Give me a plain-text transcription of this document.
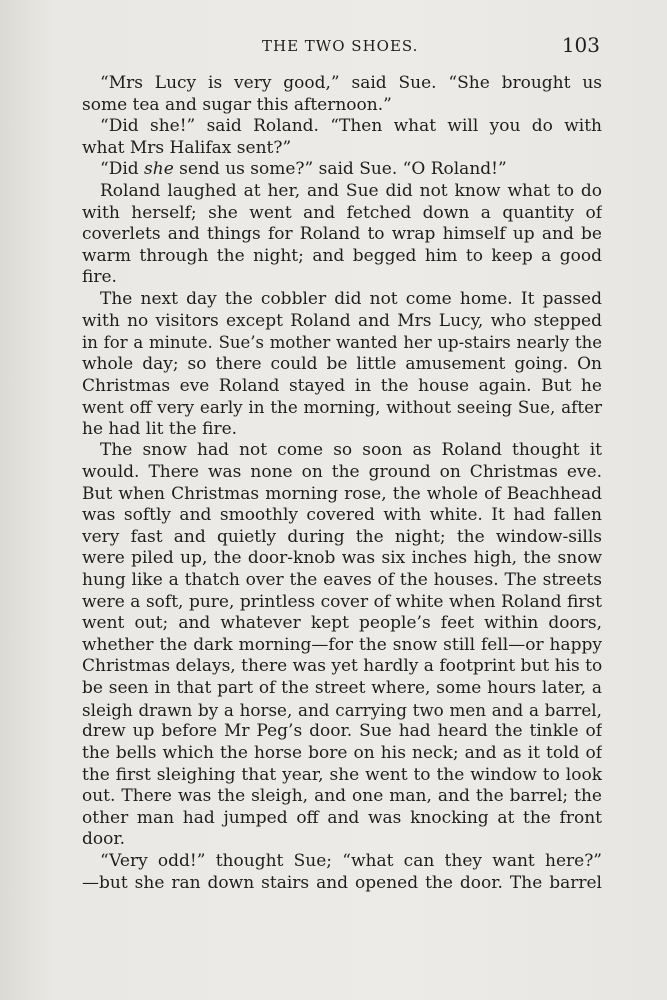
THE TWO SHOES.	103
“Mrs Lucy is very good,” said Sue. “She brought us
some tea and sugar this afternoon.”
“Did she!” said Roland. “Then what will you do with
what Mrs Halifax sent?”
“Did she send us some?” said Sue. “O Roland!”
Roland laughed at her, and Sue did not know what to do
with herself; she went and fetched down a quantity of
coverlets and things for Roland to wrap himself up and be
warm through the night; and begged him to keep a good
fire.
The next day the cobbler did not come home. It passed
with no visitors except Roland and Mrs Lucy, who stepped
in for a minute. Sue’s mother wanted her up-stairs nearly the
whole day; so there could be little amusement going. On
Christmas eve Roland stayed in the house again. But he
went off very early in the morning, without seeing Sue, after
he had lit the fire.
The snow had not come so soon as Roland thought it
would. There was none on the ground on Christmas eve.
But when Christmas morning rose, the whole of Beachhead
was softly and smoothly covered with white. It had fallen
very fast and quietly during the night; the window-sills
were piled up, the door-knob was six inches high, the snow
hung like a thatch over the eaves of the houses. The streets
were a soft, pure, printless cover of white when Roland first
went out; and whatever kept people’s feet within doors,
whether the dark morning—for the snow still fell—or happy
Christmas delays, there was yet hardly a footprint but his to
be seen in that part of the street where, some hours later, a
sleigh drawn by a horse, and carrying two men and a barrel,
drew up before Mr Peg’s door. Sue had heard the tinkle of
the bells which the horse bore on his neck; and as it told of
the first sleighing that year, she went to the window to look
out. There was the sleigh, and one man, and the barrel; the
other man had jumped off and was knocking at the front
door.
“Very odd!” thought Sue; “what can they want here?”
—but she ran down stairs and opened the door. The barrel
